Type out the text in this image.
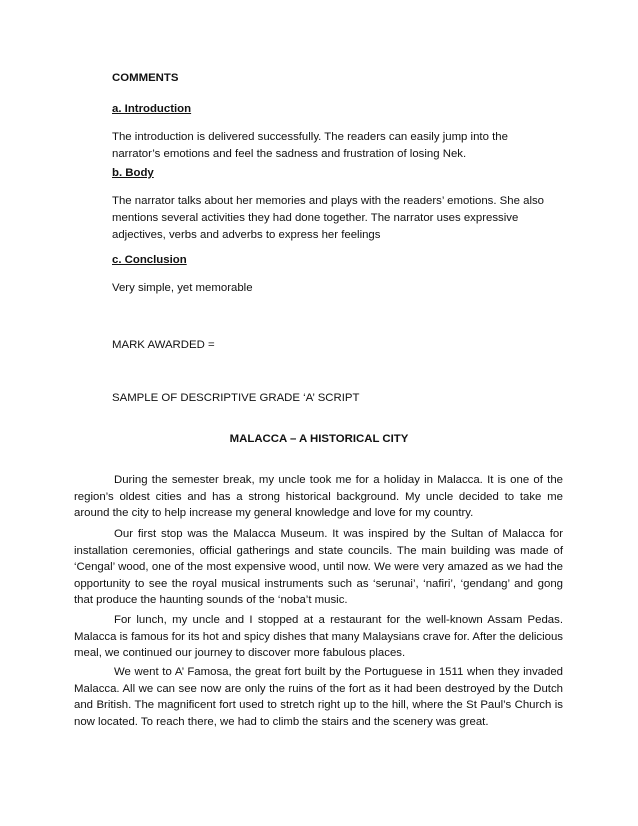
COMMENTS
a. Introduction
The introduction is delivered successfully. The readers can easily jump into the narrator’s emotions and feel the sadness and frustration of losing Nek.
b. Body
The narrator talks about her memories and plays with the readers’ emotions. She also mentions several activities they had done together. The narrator uses expressive adjectives, verbs and adverbs to express her feelings
c. Conclusion
Very simple, yet memorable
MARK AWARDED =
SAMPLE OF DESCRIPTIVE GRADE ‘A’ SCRIPT
MALACCA – A HISTORICAL CITY
During the semester break, my uncle took me for a holiday in Malacca. It is one of the region’s oldest cities and has a strong historical background. My uncle decided to take me around the city to help increase my general knowledge and love for my country.
Our first stop was the Malacca Museum. It was inspired by the Sultan of Malacca for installation ceremonies, official gatherings and state councils. The main building was made of ‘Cengal’ wood, one of the most expensive wood, until now. We were very amazed as we had the opportunity to see the royal musical instruments such as ‘serunai’, ‘nafiri’, ‘gendang’ and gong that produce the haunting sounds of the ‘noba’t music.
For lunch, my uncle and I stopped at a restaurant for the well-known Assam Pedas. Malacca is famous for its hot and spicy dishes that many Malaysians crave for. After the delicious meal, we continued our journey to discover more fabulous places.
We went to A’ Famosa, the great fort built by the Portuguese in 1511 when they invaded Malacca. All we can see now are only the ruins of the fort as it had been destroyed by the Dutch and British. The magnificent fort used to stretch right up to the hill, where the St Paul’s Church is now located. To reach there, we had to climb the stairs and the scenery was great.
